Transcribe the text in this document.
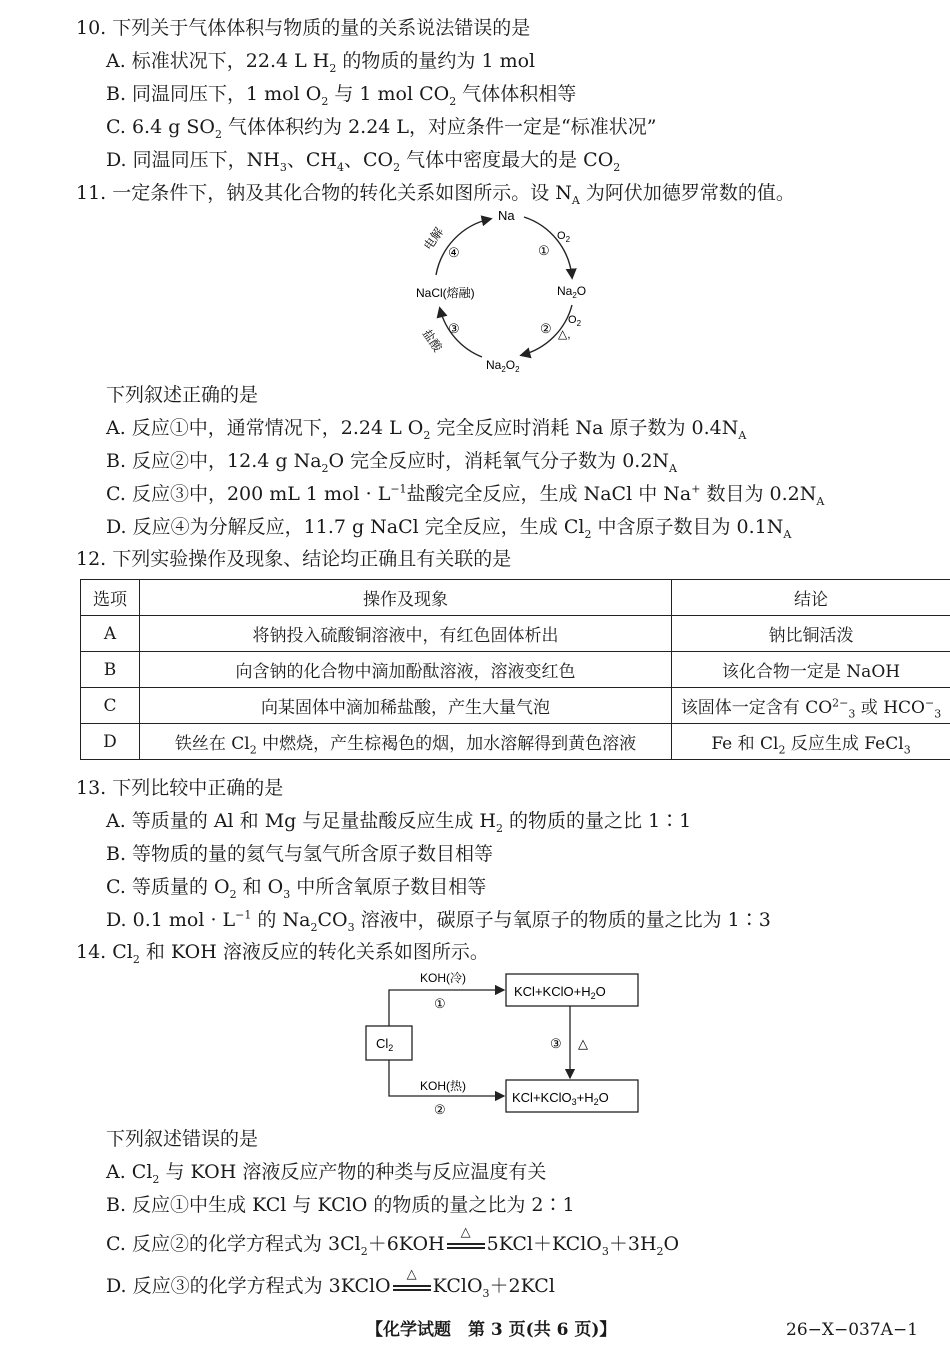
10. 下列关于气体体积与物质的量的关系说法错误的是
A. 标准状况下，22.4 L $H_2$ 的物质的量约为 1 mol
B. 同温同压下，1 mol $O_2$ 与 1 mol $CO_2$ 气体体积相等
C. 6.4 g $SO_2$ 气体体积约为 2.24 L，对应条件一定是“标准状况”
D. 同温同压下，$NH_3$、$CH_4$、$CO_2$ 气体中密度最大的是 $CO_2$
11. 一定条件下，钠及其化合物的转化关系如图所示。设 $N_A$ 为阿伏加德罗常数的值。
Na
$O_2$
$Na_2O$
$O_2$
△,
$Na_2O_2$
NaCl(熔融)
①
②
③
④
电解
盐酸
下列叙述正确的是
A. 反应①中，通常情况下，2.24 L $O_2$ 完全反应时消耗 Na 原子数为 $0.4N_A$
B. 反应②中，12.4 g $Na_2O$ 完全反应时，消耗氧气分子数为 $0.2N_A$
C. 反应③中，200 mL 1 mol · $L^{-1}$盐酸完全反应，生成 NaCl 中 Na+ 数目为 $0.2N_A$
D. 反应④为分解反应，11.7 g NaCl 完全反应，生成 $Cl_2$ 中含原子数目为 $0.1N_A$
12. 下列实验操作及现象、结论均正确且有关联的是
选项	操作及现象	结论
A	将钠投入硫酸铜溶液中，有红色固体析出	钠比铜活泼
B	向含钠的化合物中滴加酚酞溶液，溶液变红色	该化合物一定是 NaOH
C	向某固体中滴加稀盐酸，产生大量气泡	该固体一定含有 $CO^{2-}_3$ 或 $HCO^-_3$
D	铁丝在 $Cl_2$ 中燃烧，产生棕褐色的烟，加水溶解得到黄色溶液	Fe 和 $Cl_2$ 反应生成 FeCl$_3$
13. 下列比较中正确的是
A. 等质量的 Al 和 Mg 与足量盐酸反应生成 $H_2$ 的物质的量之比 1∶1
B. 等物质的量的氦气与氢气所含原子数目相等
C. 等质量的 $O_2$ 和 $O_3$ 中所含氧原子数目相等
D. 0.1 mol · $L^{-1}$ 的 $Na_2CO_3$ 溶液中，碳原子与氧原子的物质的量之比为 1∶3
14. $Cl_2$ 和 KOH 溶液反应的转化关系如图所示。
$Cl_2$
$KCl+KClO+H_2O$
$KCl+KClO_3+H_2O$
KOH(冷)
①
KOH(热)
②
③ △
下列叙述错误的是
A. $Cl_2$ 与 KOH 溶液反应产物的种类与反应温度有关
B. 反应①中生成 KCl 与 KClO 的物质的量之比为 2∶1
C. 反应②的化学方程式为 $3Cl_2+6KOH$
△
$5KCl+KClO_3+3H_2O$
D. 反应③的化学方程式为 3KClO
△
KClO$_3$＋2KCl
【化学试题　第 3 页(共 6 页)】	26−X−037A−1
